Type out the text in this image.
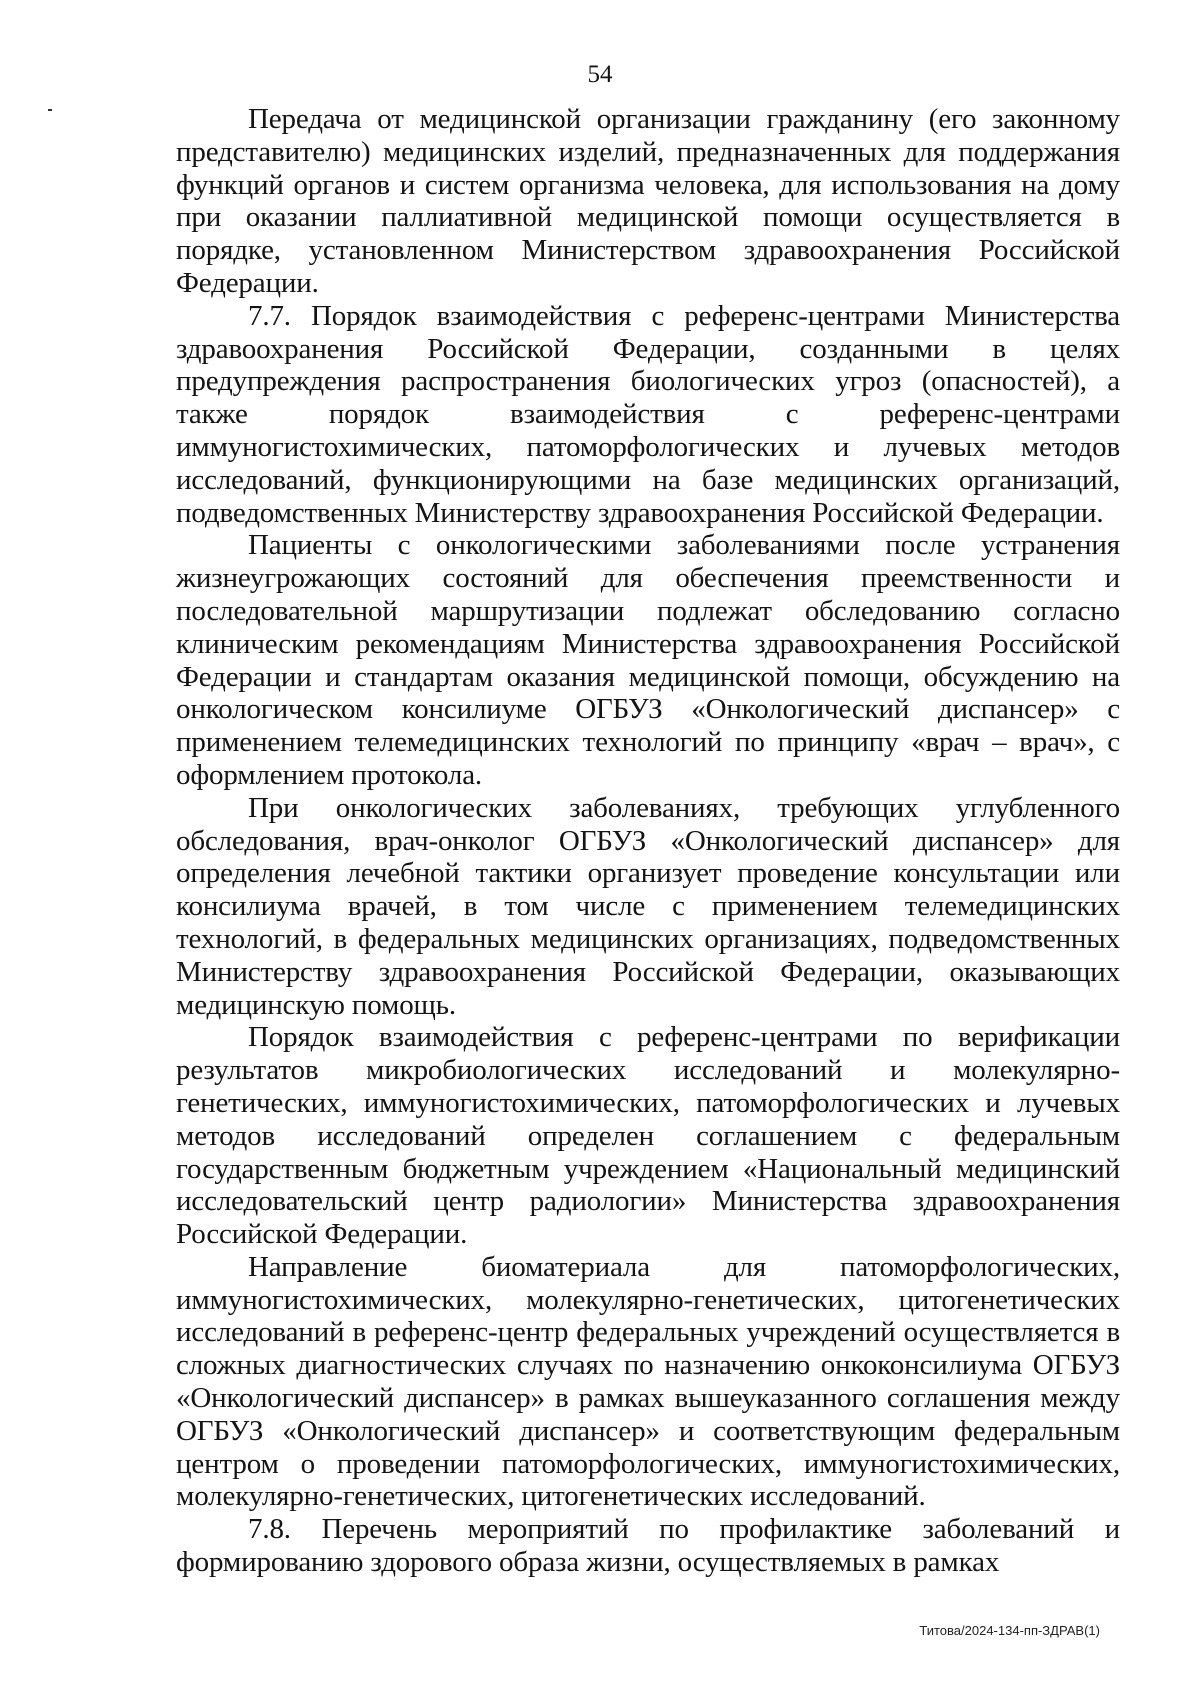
54

Передача от медицинской организации гражданину (его законному представителю) медицинских изделий, предназначенных для поддержания функций органов и систем организма человека, для использования на дому при оказании паллиативной медицинской помощи осуществляется в порядке, установленном Министерством здравоохранения Российской Федерации.

7.7. Порядок взаимодействия с референс-центрами Министерства здравоохранения Российской Федерации, созданными в целях предупреждения распространения биологических угроз (опасностей), а также порядок взаимодействия с референс-центрами иммуногистохимических, патоморфологических и лучевых методов исследований, функционирующими на базе медицинских организаций, подведомственных Министерству здравоохранения Российской Федерации.

Пациенты с онкологическими заболеваниями после устранения жизнеугрожающих состояний для обеспечения преемственности и последовательной маршрутизации подлежат обследованию согласно клиническим рекомендациям Министерства здравоохранения Российской Федерации и стандартам оказания медицинской помощи, обсуждению на онкологическом консилиуме ОГБУЗ «Онкологический диспансер» с применением телемедицинских технологий по принципу «врач – врач», с оформлением протокола.

При онкологических заболеваниях, требующих углубленного обследования, врач-онколог ОГБУЗ «Онкологический диспансер» для определения лечебной тактики организует проведение консультации или консилиума врачей, в том числе с применением телемедицинских технологий, в федеральных медицинских организациях, подведомственных Министерству здравоохранения Российской Федерации, оказывающих медицинскую помощь.

Порядок взаимодействия с референс-центрами по верификации результатов микробиологических исследований и молекулярно-генетических, иммуногистохимических, патоморфологических и лучевых методов исследований определен соглашением с федеральным государственным бюджетным учреждением «Национальный медицинский исследовательский центр радиологии» Министерства здравоохранения Российской Федерации.

Направление биоматериала для патоморфологических, иммуногистохимических, молекулярно-генетических, цитогенетических исследований в референс-центр федеральных учреждений осуществляется в сложных диагностических случаях по назначению онкоконсилиума ОГБУЗ «Онкологический диспансер» в рамках вышеуказанного соглашения между ОГБУЗ «Онкологический диспансер» и соответствующим федеральным центром о проведении патоморфологических, иммуногистохимических, молекулярно-генетических, цитогенетических исследований.

7.8. Перечень мероприятий по профилактике заболеваний и формированию здорового образа жизни, осуществляемых в рамках

Титова/2024-134-пп-ЗДРАВ(1)
